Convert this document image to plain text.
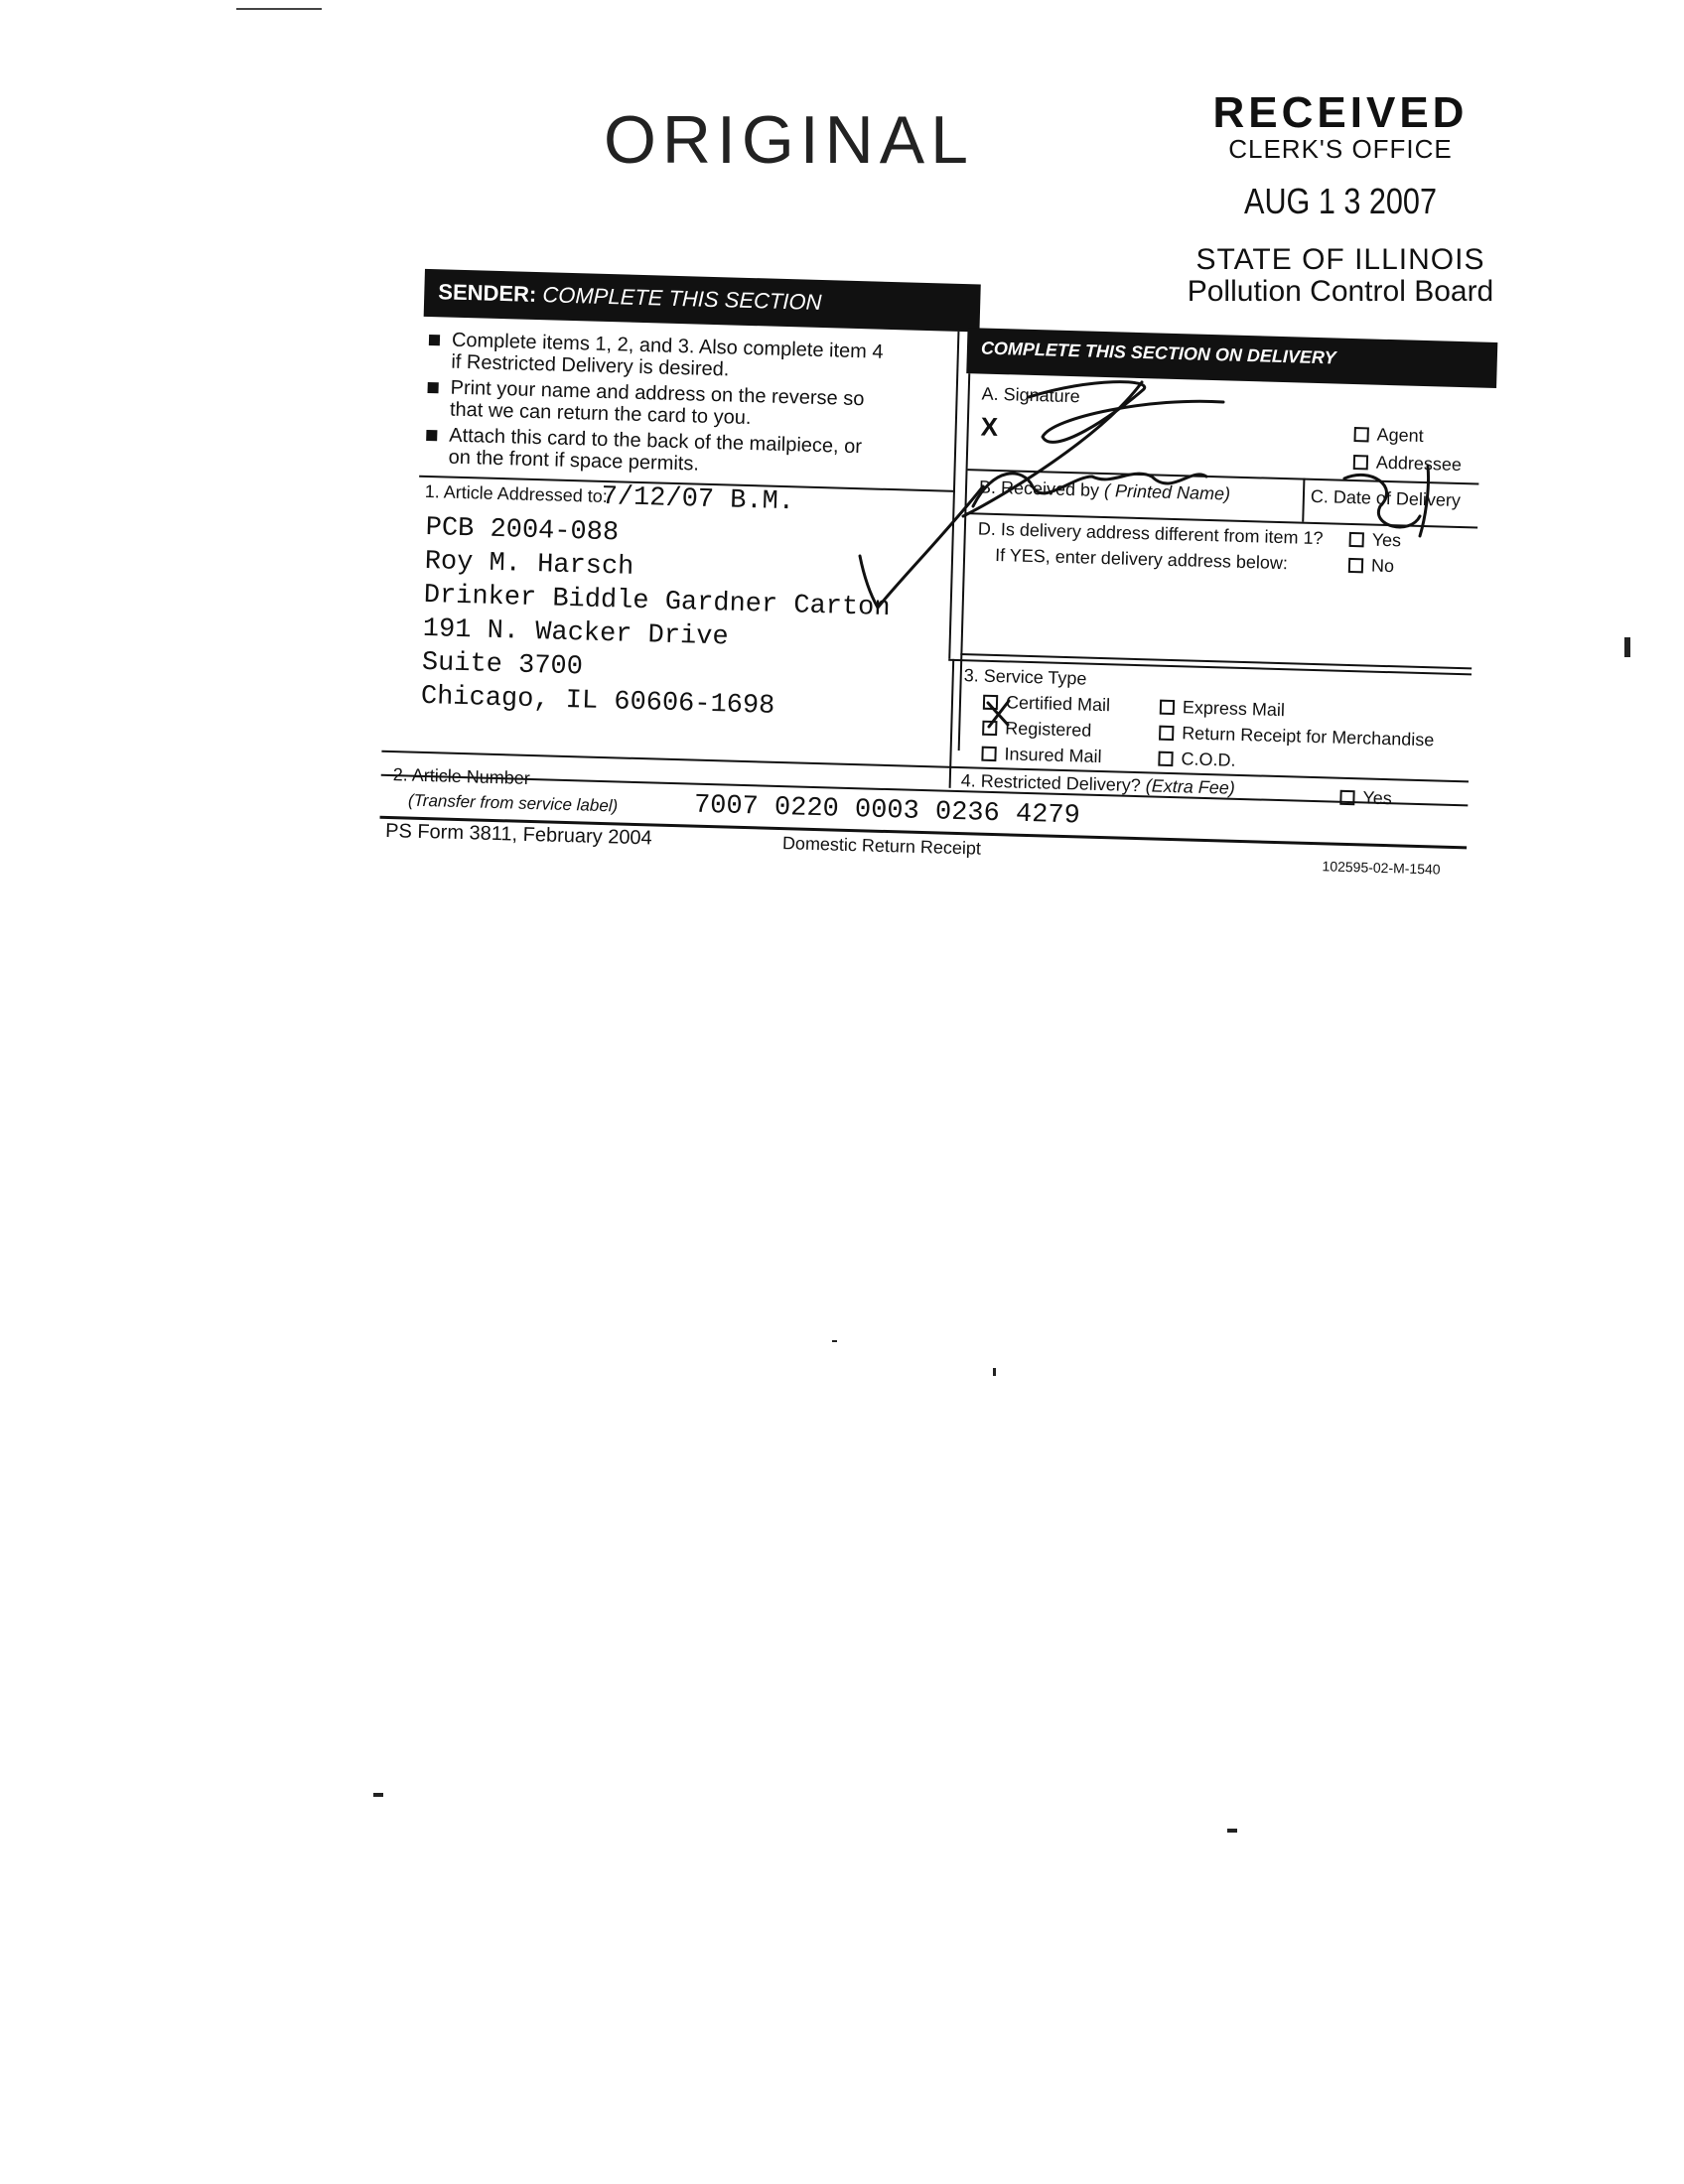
ORIGINAL	RECEIVED
CLERK'S OFFICE
AUG 1 3 2007
STATE OF ILLINOIS
Pollution Control Board
SENDER: COMPLETE THIS SECTION
COMPLETE THIS SECTION ON DELIVERY
Complete items 1, 2, and 3. Also complete item 4 if Restricted Delivery is desired.
Print your name and address on the reverse so that we can return the card to you.
Attach this card to the back of the mailpiece, or on the front if space permits.
1. Article Addressed to:
7/12/07 B.M.
PCB 2004-088
Roy M. Harsch
Drinker Biddle Gardner Carton
191 N. Wacker Drive
Suite 3700
Chicago, IL 60606-1698
A. Signature
X	Agent
Addressee
B. Received by ( Printed Name)	C. Date of Delivery
D. Is delivery address different from item 1?	Yes
If YES, enter delivery address below:	No
3. Service Type
Certified Mail
Registered
Insured Mail
Express Mail
Return Receipt for Merchandise
C.O.D.
4. Restricted Delivery? (Extra Fee)
Yes
2. Article Number
(Transfer from service label)	7007 0220 0003 0236 4279
PS Form 3811, February 2004	Domestic Return Receipt
102595-02-M-1540
